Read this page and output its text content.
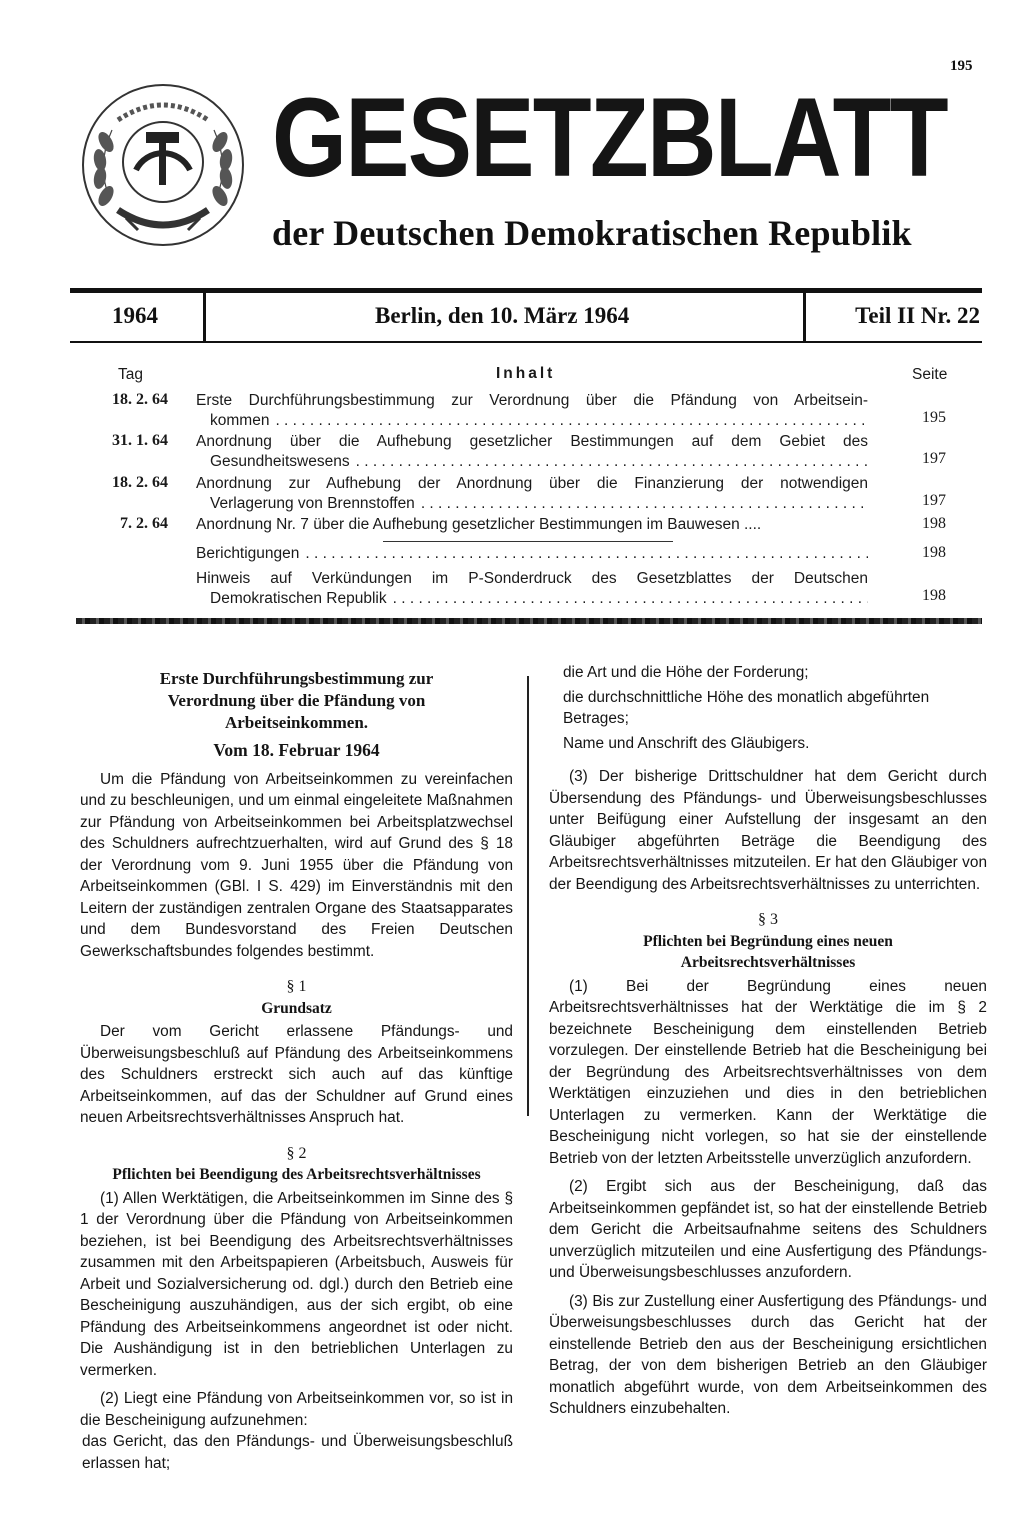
195
GESETZBLATT
der Deutschen Demokratischen Republik
1964	Berlin, den 10. März 1964	Teil II Nr. 22
Tag	Inhalt	Seite
18. 2. 64 Erste Durchführungsbestimmung zur Verordnung über die Pfändung von Arbeitsein-
kommen . . .	195
31. 1. 64 Anordnung über die Aufhebung gesetzlicher Bestimmungen auf dem Gebiet des
Gesundheitswesens . . .	197
18. 2. 64 Anordnung zur Aufhebung der Anordnung über die Finanzierung der notwendigen
Verlagerung von Brennstoffen . . .	197
7. 2. 64 Anordnung Nr. 7 über die Aufhebung gesetzlicher Bestimmungen im Bauwesen ....	198
Berichtigungen . . .	198
Hinweis auf Verkündungen im P-Sonderdruck des Gesetzblattes der Deutschen
Demokratischen Republik . . .	198

Erste Durchführungsbestimmung zur Verordnung über die Pfändung von Arbeitseinkommen.

Vom 18. Februar 1964

Um die Pfändung von Arbeitseinkommen zu vereinfachen und zu beschleunigen, und um einmal eingeleitete Maßnahmen zur Pfändung von Arbeitseinkommen bei Arbeitsplatzwechsel des Schuldners aufrechtzuerhalten, wird auf Grund des § 18 der Verordnung vom 9. Juni 1955 über die Pfändung von Arbeitseinkommen (GBl. I S. 429) im Einverständnis mit den Leitern der zuständigen zentralen Organe des Staatsapparates und dem Bundesvorstand des Freien Deutschen Gewerkschaftsbundes folgendes bestimmt.

§ 1

Grundsatz

Der vom Gericht erlassene Pfändungs- und Überweisungsbeschluß auf Pfändung des Arbeitseinkommens des Schuldners erstreckt sich auch auf das künftige Arbeitseinkommen, auf das der Schuldner auf Grund eines neuen Arbeitsrechtsverhältnisses Anspruch hat.

§ 2

Pflichten bei Beendigung des Arbeitsrechtsverhältnisses

(1) Allen Werktätigen, die Arbeitseinkommen im Sinne des § 1 der Verordnung über die Pfändung von Arbeitseinkommen beziehen, ist bei Beendigung des Arbeitsrechtsverhältnisses zusammen mit den Arbeitspapieren (Arbeitsbuch, Ausweis für Arbeit und Sozialversicherung od. dgl.) durch den Betrieb eine Bescheinigung auszuhändigen, aus der sich ergibt, ob eine Pfändung des Arbeitseinkommens angeordnet ist oder nicht. Die Aushändigung ist in den betrieblichen Unterlagen zu vermerken.

(2) Liegt eine Pfändung von Arbeitseinkommen vor, so ist in die Bescheinigung aufzunehmen:

das Gericht, das den Pfändungs- und Überweisungsbeschluß erlassen hat;

die Art und die Höhe der Forderung;

die durchschnittliche Höhe des monatlich abgeführten Betrages;

Name und Anschrift des Gläubigers.

(3) Der bisherige Drittschuldner hat dem Gericht durch Übersendung des Pfändungs- und Überweisungsbeschlusses unter Beifügung einer Aufstellung der insgesamt an den Gläubiger abgeführten Beträge die Beendigung des Arbeitsrechtsverhältnisses mitzuteilen. Er hat den Gläubiger von der Beendigung des Arbeitsrechtsverhältnisses zu unterrichten.

§ 3

Pflichten bei Begründung eines neuen Arbeitsrechtsverhältnisses

(1) Bei der Begründung eines neuen Arbeitsrechtsverhältnisses hat der Werktätige die im § 2 bezeichnete Bescheinigung dem einstellenden Betrieb vorzulegen. Der einstellende Betrieb hat die Bescheinigung bei der Begründung des Arbeitsrechtsverhältnisses von dem Werktätigen einzuziehen und dies in den betrieblichen Unterlagen zu vermerken. Kann der Werktätige die Bescheinigung nicht vorlegen, so hat sie der einstellende Betrieb von der letzten Arbeitsstelle unverzüglich anzufordern.

(2) Ergibt sich aus der Bescheinigung, daß das Arbeitseinkommen gepfändet ist, so hat der einstellende Betrieb dem Gericht die Arbeitsaufnahme seitens des Schuldners unverzüglich mitzuteilen und eine Ausfertigung des Pfändungs- und Überweisungsbeschlusses anzufordern.

(3) Bis zur Zustellung einer Ausfertigung des Pfändungs- und Überweisungsbeschlusses durch das Gericht hat der einstellende Betrieb den aus der Bescheinigung ersichtlichen Betrag, der von dem bisherigen Betrieb an den Gläubiger monatlich abgeführt wurde, von dem Arbeitseinkommen des Schuldners einzubehalten.
